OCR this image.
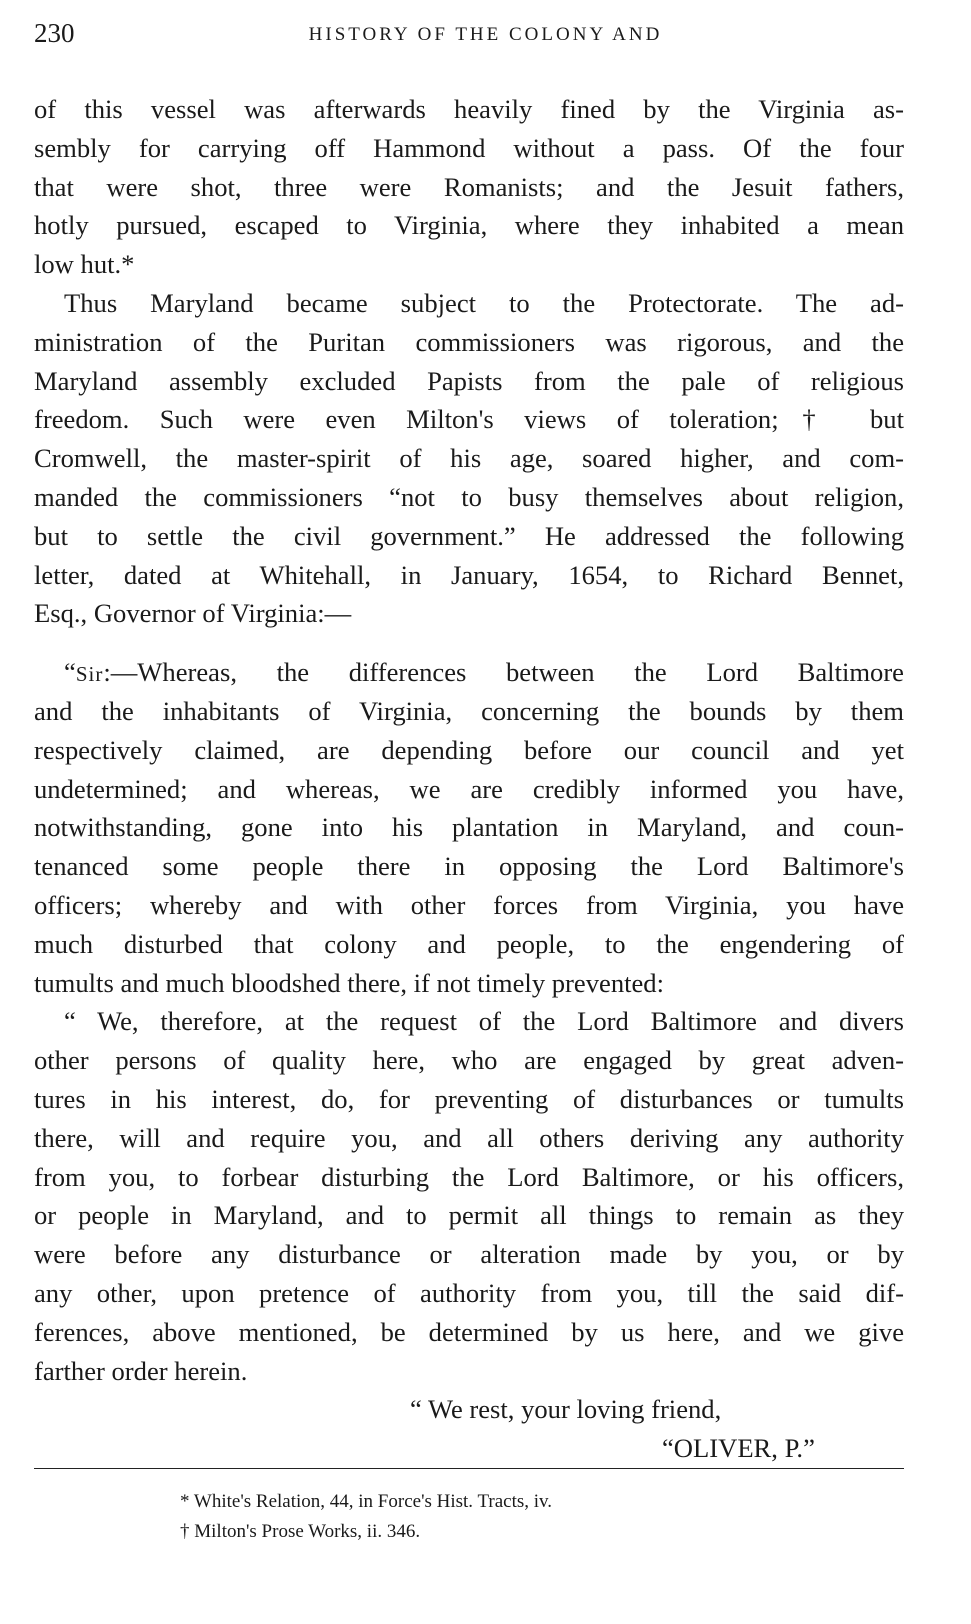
230	HISTORY OF THE COLONY AND
of this vessel was afterwards heavily fined by the Virginia as-
sembly for carrying off Hammond without a pass. Of the four
that were shot, three were Romanists; and the Jesuit fathers,
hotly pursued, escaped to Virginia, where they inhabited a mean
low hut.*
Thus Maryland became subject to the Protectorate. The ad-
ministration of the Puritan commissioners was rigorous, and the
Maryland assembly excluded Papists from the pale of religious
freedom. Such were even Milton's views of toleration;† but
Cromwell, the master-spirit of his age, soared higher, and com-
manded the commissioners “not to busy themselves about religion,
but to settle the civil government.” He addressed the following
letter, dated at Whitehall, in January, 1654, to Richard Bennet,
Esq., Governor of Virginia:—
“Sir:—Whereas, the differences between the Lord Baltimore
and the inhabitants of Virginia, concerning the bounds by them
respectively claimed, are depending before our council and yet
undetermined; and whereas, we are credibly informed you have,
notwithstanding, gone into his plantation in Maryland, and coun-
tenanced some people there in opposing the Lord Baltimore's
officers; whereby and with other forces from Virginia, you have
much disturbed that colony and people, to the engendering of
tumults and much bloodshed there, if not timely prevented:
“ We, therefore, at the request of the Lord Baltimore and divers
other persons of quality here, who are engaged by great adven-
tures in his interest, do, for preventing of disturbances or tumults
there, will and require you, and all others deriving any authority
from you, to forbear disturbing the Lord Baltimore, or his officers,
or people in Maryland, and to permit all things to remain as they
were before any disturbance or alteration made by you, or by
any other, upon pretence of authority from you, till the said dif-
ferences, above mentioned, be determined by us here, and we give
farther order herein.
“ We rest, your loving friend,
“OLIVER, P.”
* White's Relation, 44, in Force's Hist. Tracts, iv.
† Milton's Prose Works, ii. 346.
